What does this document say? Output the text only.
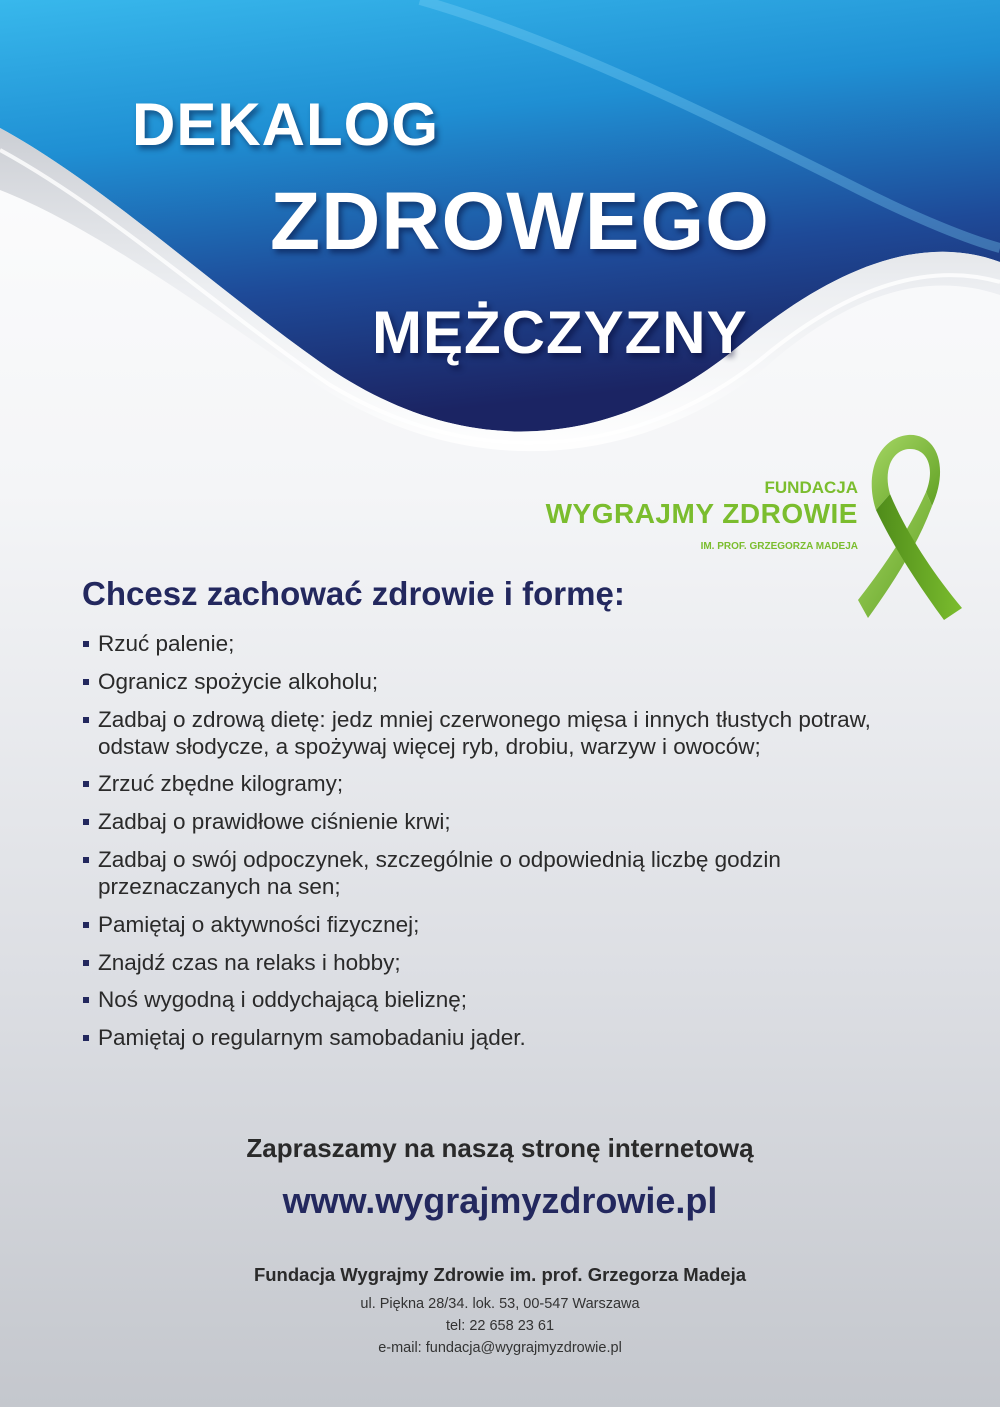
DEKALOG
ZDROWEGO
MĘŻCZYZNY
FUNDACJA
WYGRAJMY ZDROWIE
IM. PROF. GRZEGORZA MADEJA
Chcesz zachować zdrowie i formę:
Rzuć palenie;
Ogranicz spożycie alkoholu;
Zadbaj o zdrową dietę: jedz mniej czerwonego mięsa i innych tłustych potraw, odstaw słodycze, a spożywaj więcej ryb, drobiu, warzyw i owoców;
Zrzuć zbędne kilogramy;
Zadbaj o prawidłowe ciśnienie krwi;
Zadbaj o swój odpoczynek, szczególnie o odpowiednią liczbę godzin przeznaczanych na sen;
Pamiętaj o aktywności fizycznej;
Znajdź czas na relaks i hobby;
Noś wygodną i oddychającą bieliznę;
Pamiętaj o regularnym samobadaniu jąder.
Zapraszamy na naszą stronę internetową
www.wygrajmyzdrowie.pl
Fundacja Wygrajmy Zdrowie im. prof. Grzegorza Madeja
ul. Piękna 28/34. lok. 53, 00-547 Warszawa
tel: 22 658 23 61
e-mail: fundacja@wygrajmyzdrowie.pl
